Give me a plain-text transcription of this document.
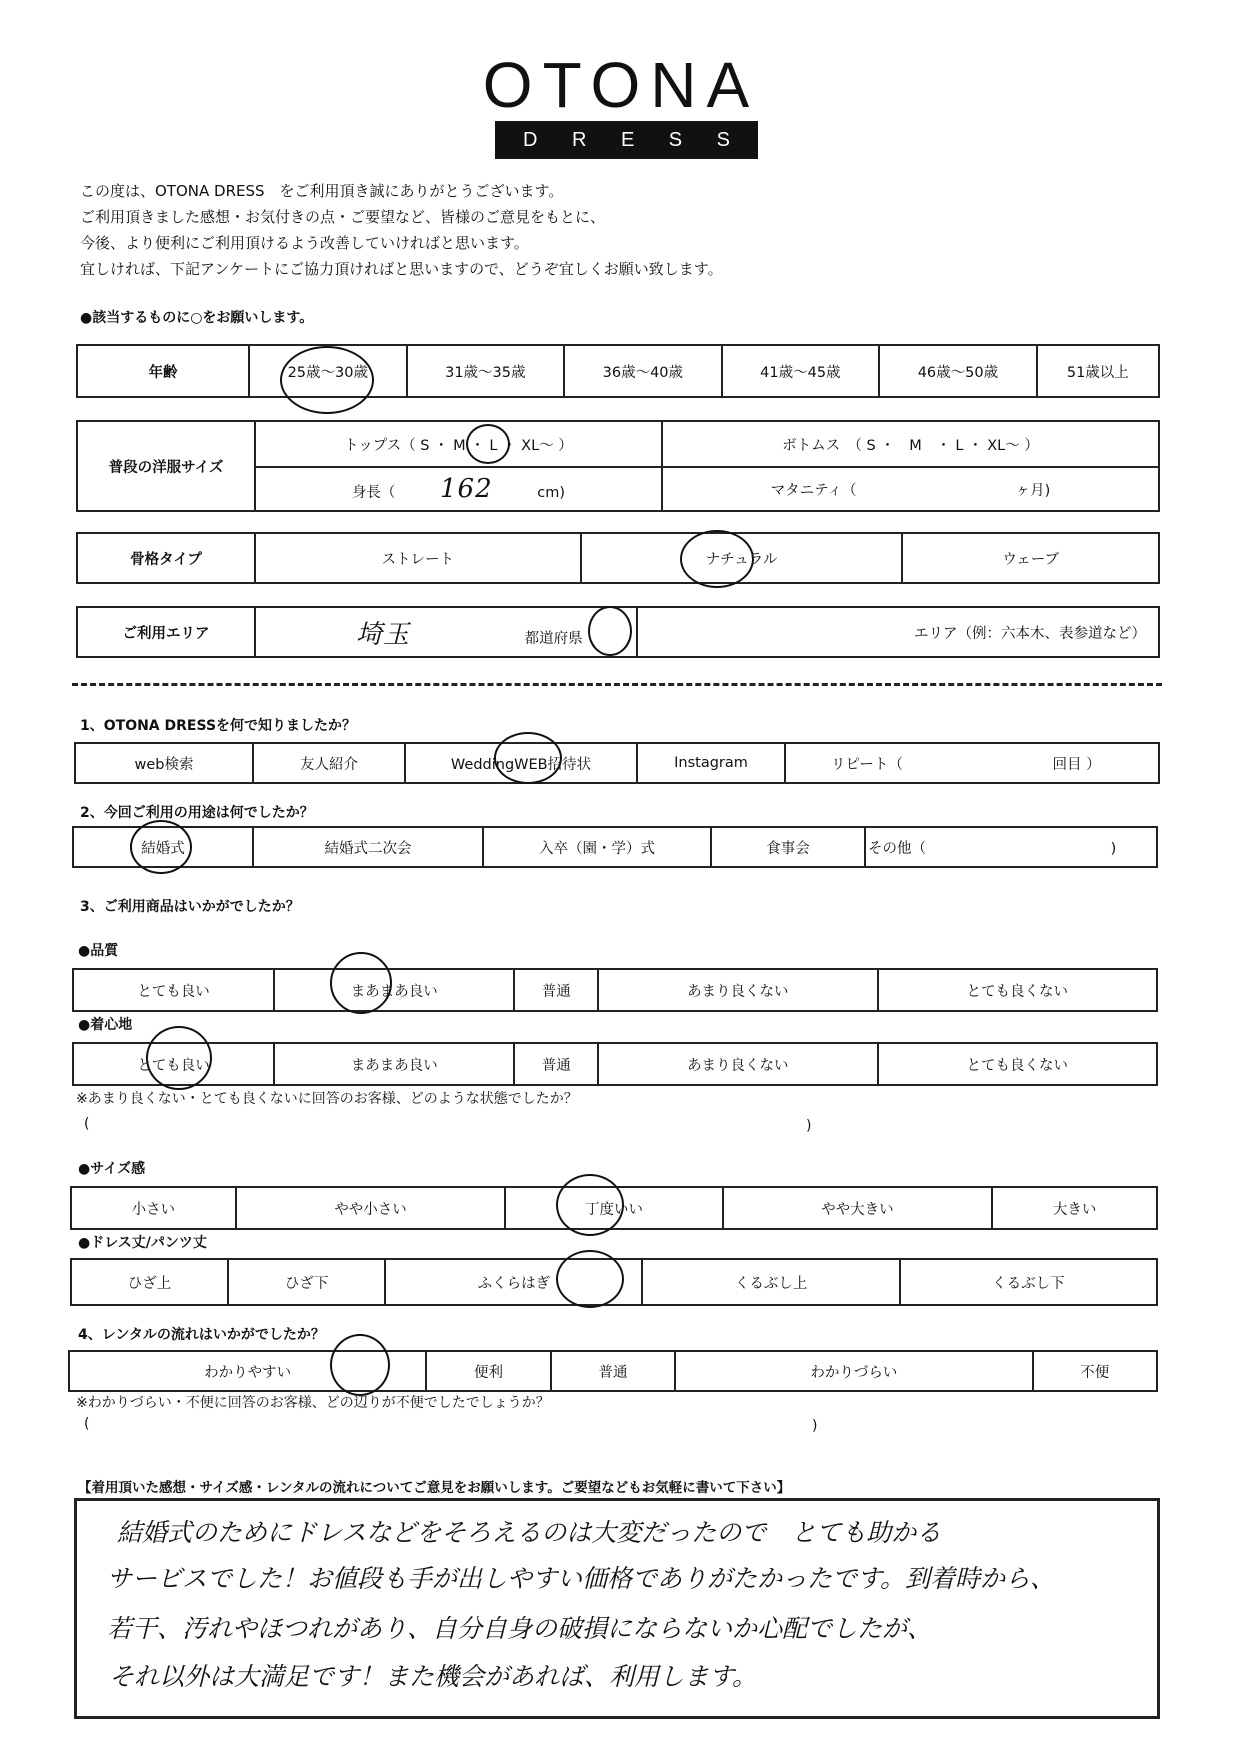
OTONA
D R E S S
この度は、OTONA DRESS　をご利用頂き誠にありがとうございます。
ご利用頂きました感想・お気付きの点・ご要望など、皆様のご意見をもとに、
今後、より便利にご利用頂けるよう改善していければと思います。
宜しければ、下記アンケートにご協力頂ければと思いますので、どうぞ宜しくお願い致します。
●該当するものに○をお願いします。
年齢	25歳～30歳	31歳～35歳	36歳～40歳	41歳～45歳	46歳～50歳	51歳以上
普段の洋服サイズ	トップス（ S ・ M ・ L ・ XL～ ）	ボトムス　（ S ・　M　・ L ・ XL～ ）
	身長（ 162 cm)	マタニティ（ ヶ月)
骨格タイプ	ストレート	ナチュラル	ウェーブ
ご利用エリア	埼玉	都道府県	エリア（例：六本木、表参道など）
1、OTONA DRESSを何で知りましたか？
web検索	友人紹介	WeddingWEB招待状	Instagram	リピート（	回目 ）
2、今回ご利用の用途は何でしたか？
結婚式	結婚式二次会	入卒（園・学）式	食事会	その他（	)
3、ご利用商品はいかがでしたか？
●品質
とても良い	まあまあ良い	普通	あまり良くない	とても良くない
●着心地
とても良い	まあまあ良い	普通	あまり良くない	とても良くない
※あまり良くない・とても良くないに回答のお客様、どのような状態でしたか？
(	)
●サイズ感
小さい	やや小さい	丁度いい	やや大きい	大きい
●ドレス丈/パンツ丈
ひざ上	ひざ下	ふくらはぎ	くるぶし上	くるぶし下
4、レンタルの流れはいかがでしたか？
わかりやすい	便利	普通	わかりづらい	不便
※わかりづらい・不便に回答のお客様、どの辺りが不便でしたでしょうか？
(	)
【着用頂いた感想・サイズ感・レンタルの流れについてご意見をお願いします。ご要望などもお気軽に書いて下さい】
結婚式のためにドレスなどをそろえるのは大変だったので　とても助かる
サービスでした！お値段も手が出しやすい価格でありがたかったです。到着時から、
若干、汚れやほつれがあり、自分自身の破損にならないか心配でしたが、
それ以外は大満足です！また機会があれば、利用します。
